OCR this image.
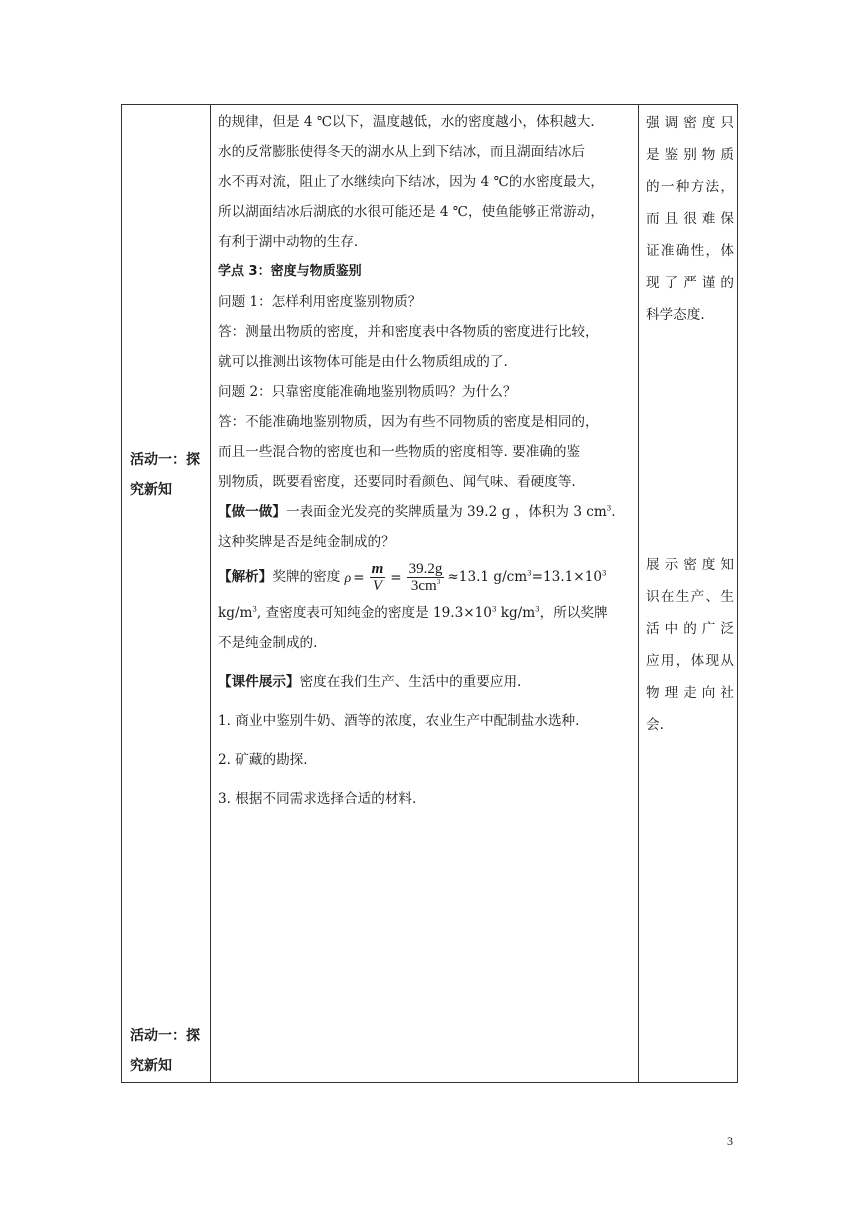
活动一：探
究新知
活动一：探
究新知

的规律，但是 4 ℃以下，温度越低，水的密度越小，体积越大.

水的反常膨胀使得冬天的湖水从上到下结冰，而且湖面结冰后

水不再对流，阻止了水继续向下结冰，因为 4 ℃的水密度最大，

所以湖面结冰后湖底的水很可能还是 4 ℃，使鱼能够正常游动，

有利于湖中动物的生存.

学点 3：密度与物质鉴别

问题 1：怎样利用密度鉴别物质？

答：测量出物质的密度，并和密度表中各物质的密度进行比较，

就可以推测出该物体可能是由什么物质组成的了.

问题 2：只靠密度能准确地鉴别物质吗？为什么？

答：不能准确地鉴别物质，因为有些不同物质的密度是相同的，

而且一些混合物的密度也和一些物质的密度相等. 要准确的鉴

别物质，既要看密度，还要同时看颜色、闻气味、看硬度等.

【做一做】一表面金光发亮的奖牌质量为 39.2 g ，体积为 3 $cm^3$.

这种奖牌是否是纯金制成的？

【解析】奖牌的密度 $\rho = \frac{m}{V} = \frac{39.2g}{3cm^3} \approx 13.1$ $g/cm^3=13.1\times 10^3$

$kg/m^3$, 查密度表可知纯金的密度是 $19.3\times 10^3$ $kg/m^3$，所以奖牌

不是纯金制成的.

【课件展示】密度在我们生产、生活中的重要应用.

1. 商业中鉴别牛奶、酒等的浓度，农业生产中配制盐水选种.

2. 矿藏的勘探.

3. 根据不同需求选择合适的材料.

强调密度只
是鉴别物质
的一种方法，
而且很难保
证准确性，体
现了严谨的
科学态度.
展示密度知
识在生产、生
活中的广泛
应用，体现从
物理走向社
会.
3
